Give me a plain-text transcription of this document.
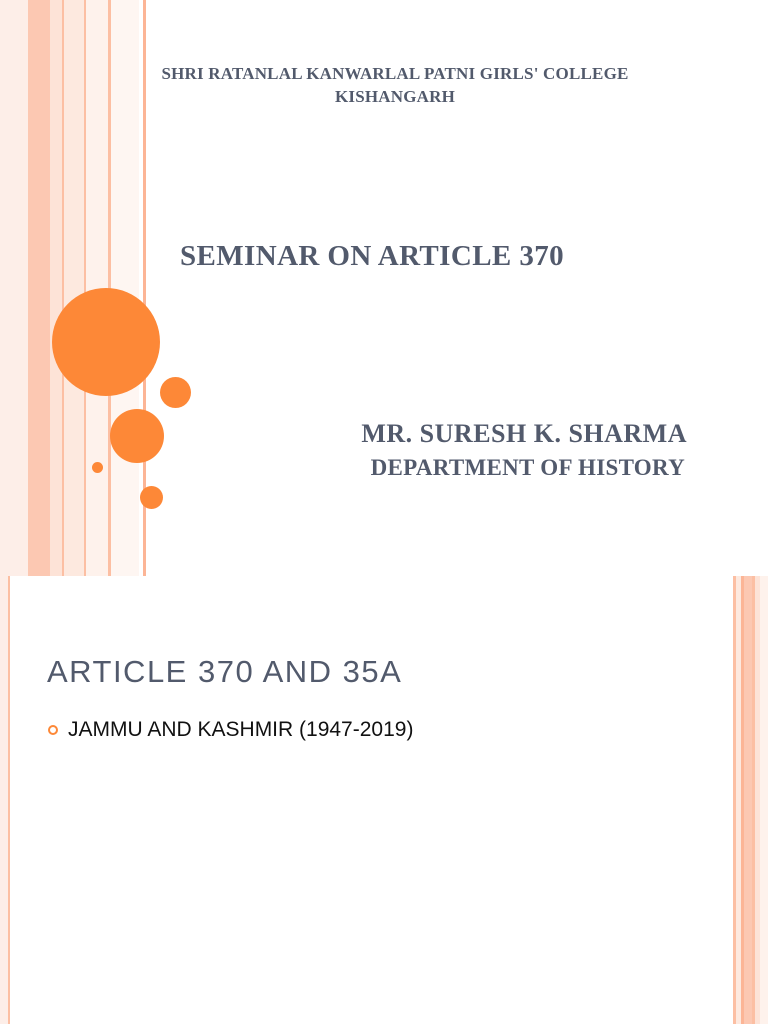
SHRI RATANLAL KANWARLAL PATNI GIRLS' COLLEGE
KISHANGARH
SEMINAR ON ARTICLE 370
MR. SURESH K. SHARMA
DEPARTMENT OF HISTORY
ARTICLE 370 AND 35A
JAMMU AND KASHMIR (1947-2019)
